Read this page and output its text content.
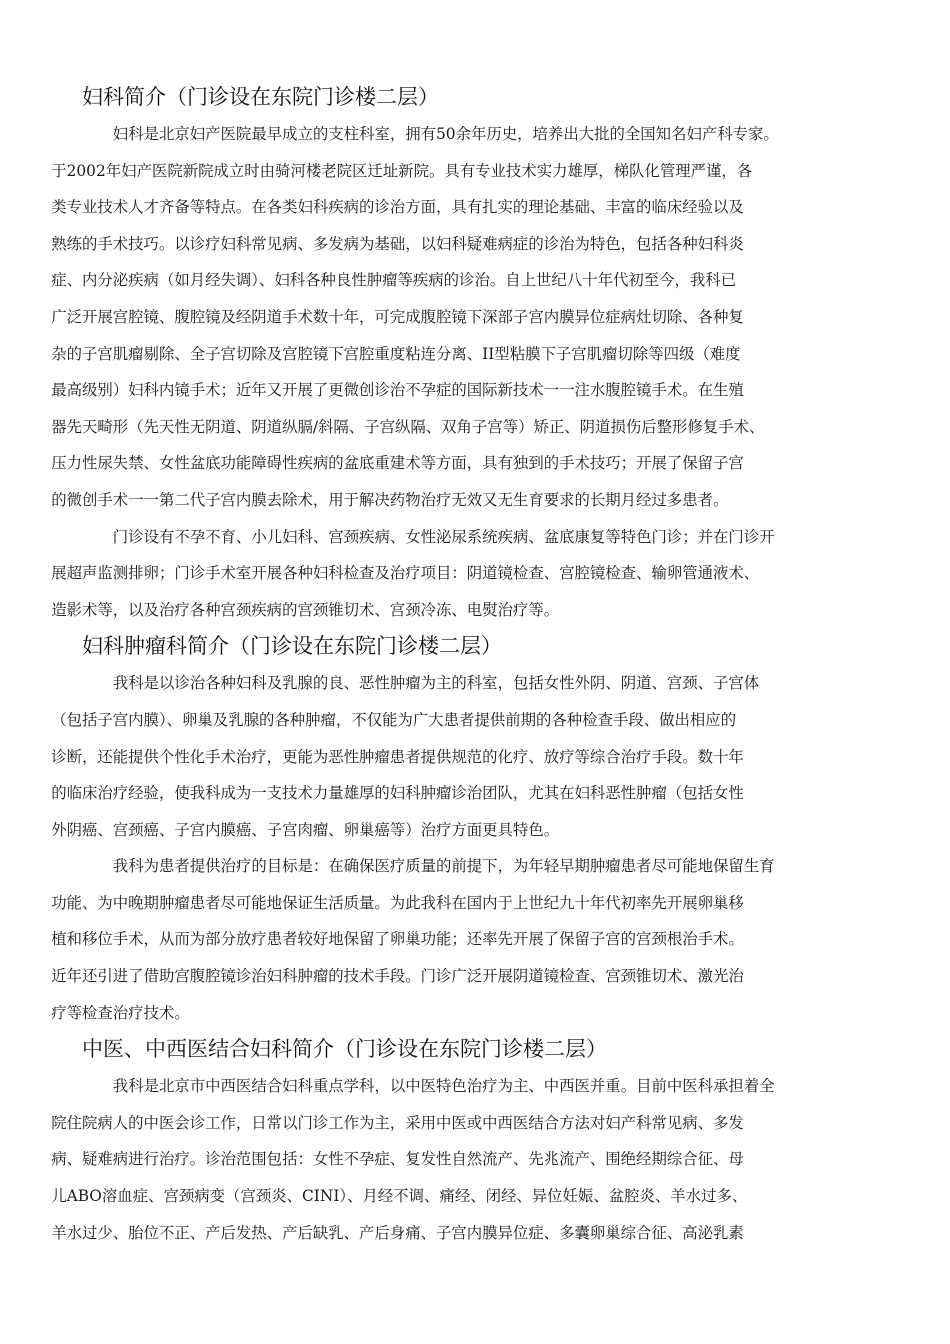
妇科简介（门诊设在东院门诊楼二层）

妇科是北京妇产医院最早成立的支柱科室，拥有50余年历史，培养出大批的全国知名妇产科专家。
于2002年妇产医院新院成立时由骑河楼老院区迁址新院。具有专业技术实力雄厚，梯队化管理严谨，各
类专业技术人才齐备等特点。在各类妇科疾病的诊治方面，具有扎实的理论基础、丰富的临床经验以及
熟练的手术技巧。以诊疗妇科常见病、多发病为基础，以妇科疑难病症的诊治为特色，包括各种妇科炎
症、内分泌疾病（如月经失调）、妇科各种良性肿瘤等疾病的诊治。自上世纪八十年代初至今，我科已
广泛开展宫腔镜、腹腔镜及经阴道手术数十年，可完成腹腔镜下深部子宫内膜异位症病灶切除、各种复
杂的子宫肌瘤剔除、全子宫切除及宫腔镜下宫腔重度粘连分离、II型粘膜下子宫肌瘤切除等四级（难度
最高级别）妇科内镜手术；近年又开展了更微创诊治不孕症的国际新技术一一注水腹腔镜手术。在生殖
器先天畸形（先天性无阴道、阴道纵膈/斜隔、子宫纵隔、双角子宫等）矫正、阴道损伤后整形修复手术、
压力性尿失禁、女性盆底功能障碍性疾病的盆底重建术等方面，具有独到的手术技巧；开展了保留子宫
的微创手术一一第二代子宫内膜去除术，用于解决药物治疗无效又无生育要求的长期月经过多患者。

门诊设有不孕不育、小儿妇科、宫颈疾病、女性泌尿系统疾病、盆底康复等特色门诊；并在门诊开
展超声监测排卵；门诊手术室开展各种妇科检查及治疗项目：阴道镜检查、宫腔镜检查、输卵管通液术、
造影术等，以及治疗各种宫颈疾病的宫颈锥切术、宫颈冷冻、电熨治疗等。

妇科肿瘤科简介（门诊设在东院门诊楼二层）

我科是以诊治各种妇科及乳腺的良、恶性肿瘤为主的科室，包括女性外阴、阴道、宫颈、子宫体
（包括子宫内膜）、卵巢及乳腺的各种肿瘤，不仅能为广大患者提供前期的各种检查手段、做出相应的
诊断，还能提供个性化手术治疗，更能为恶性肿瘤患者提供规范的化疗、放疗等综合治疗手段。数十年
的临床治疗经验，使我科成为一支技术力量雄厚的妇科肿瘤诊治团队，尤其在妇科恶性肿瘤（包括女性
外阴癌、宫颈癌、子宫内膜癌、子宫肉瘤、卵巢癌等）治疗方面更具特色。

我科为患者提供治疗的目标是：在确保医疗质量的前提下，为年轻早期肿瘤患者尽可能地保留生育
功能、为中晚期肿瘤患者尽可能地保证生活质量。为此我科在国内于上世纪九十年代初率先开展卵巢移
植和移位手术，从而为部分放疗患者较好地保留了卵巢功能；还率先开展了保留子宫的宫颈根治手术。
近年还引进了借助宫腹腔镜诊治妇科肿瘤的技术手段。门诊广泛开展阴道镜检查、宫颈锥切术、激光治
疗等检查治疗技术。

中医、中西医结合妇科简介（门诊设在东院门诊楼二层）

我科是北京市中西医结合妇科重点学科，以中医特色治疗为主、中西医并重。目前中医科承担着全
院住院病人的中医会诊工作，日常以门诊工作为主，采用中医或中西医结合方法对妇产科常见病、多发
病、疑难病进行治疗。诊治范围包括：女性不孕症、复发性自然流产、先兆流产、围绝经期综合征、母
儿ABO溶血症、宫颈病变（宫颈炎、CINI）、月经不调、痛经、闭经、异位妊娠、盆腔炎、羊水过多、
羊水过少、胎位不正、产后发热、产后缺乳、产后身痛、子宫内膜异位症、多囊卵巢综合征、高泌乳素
